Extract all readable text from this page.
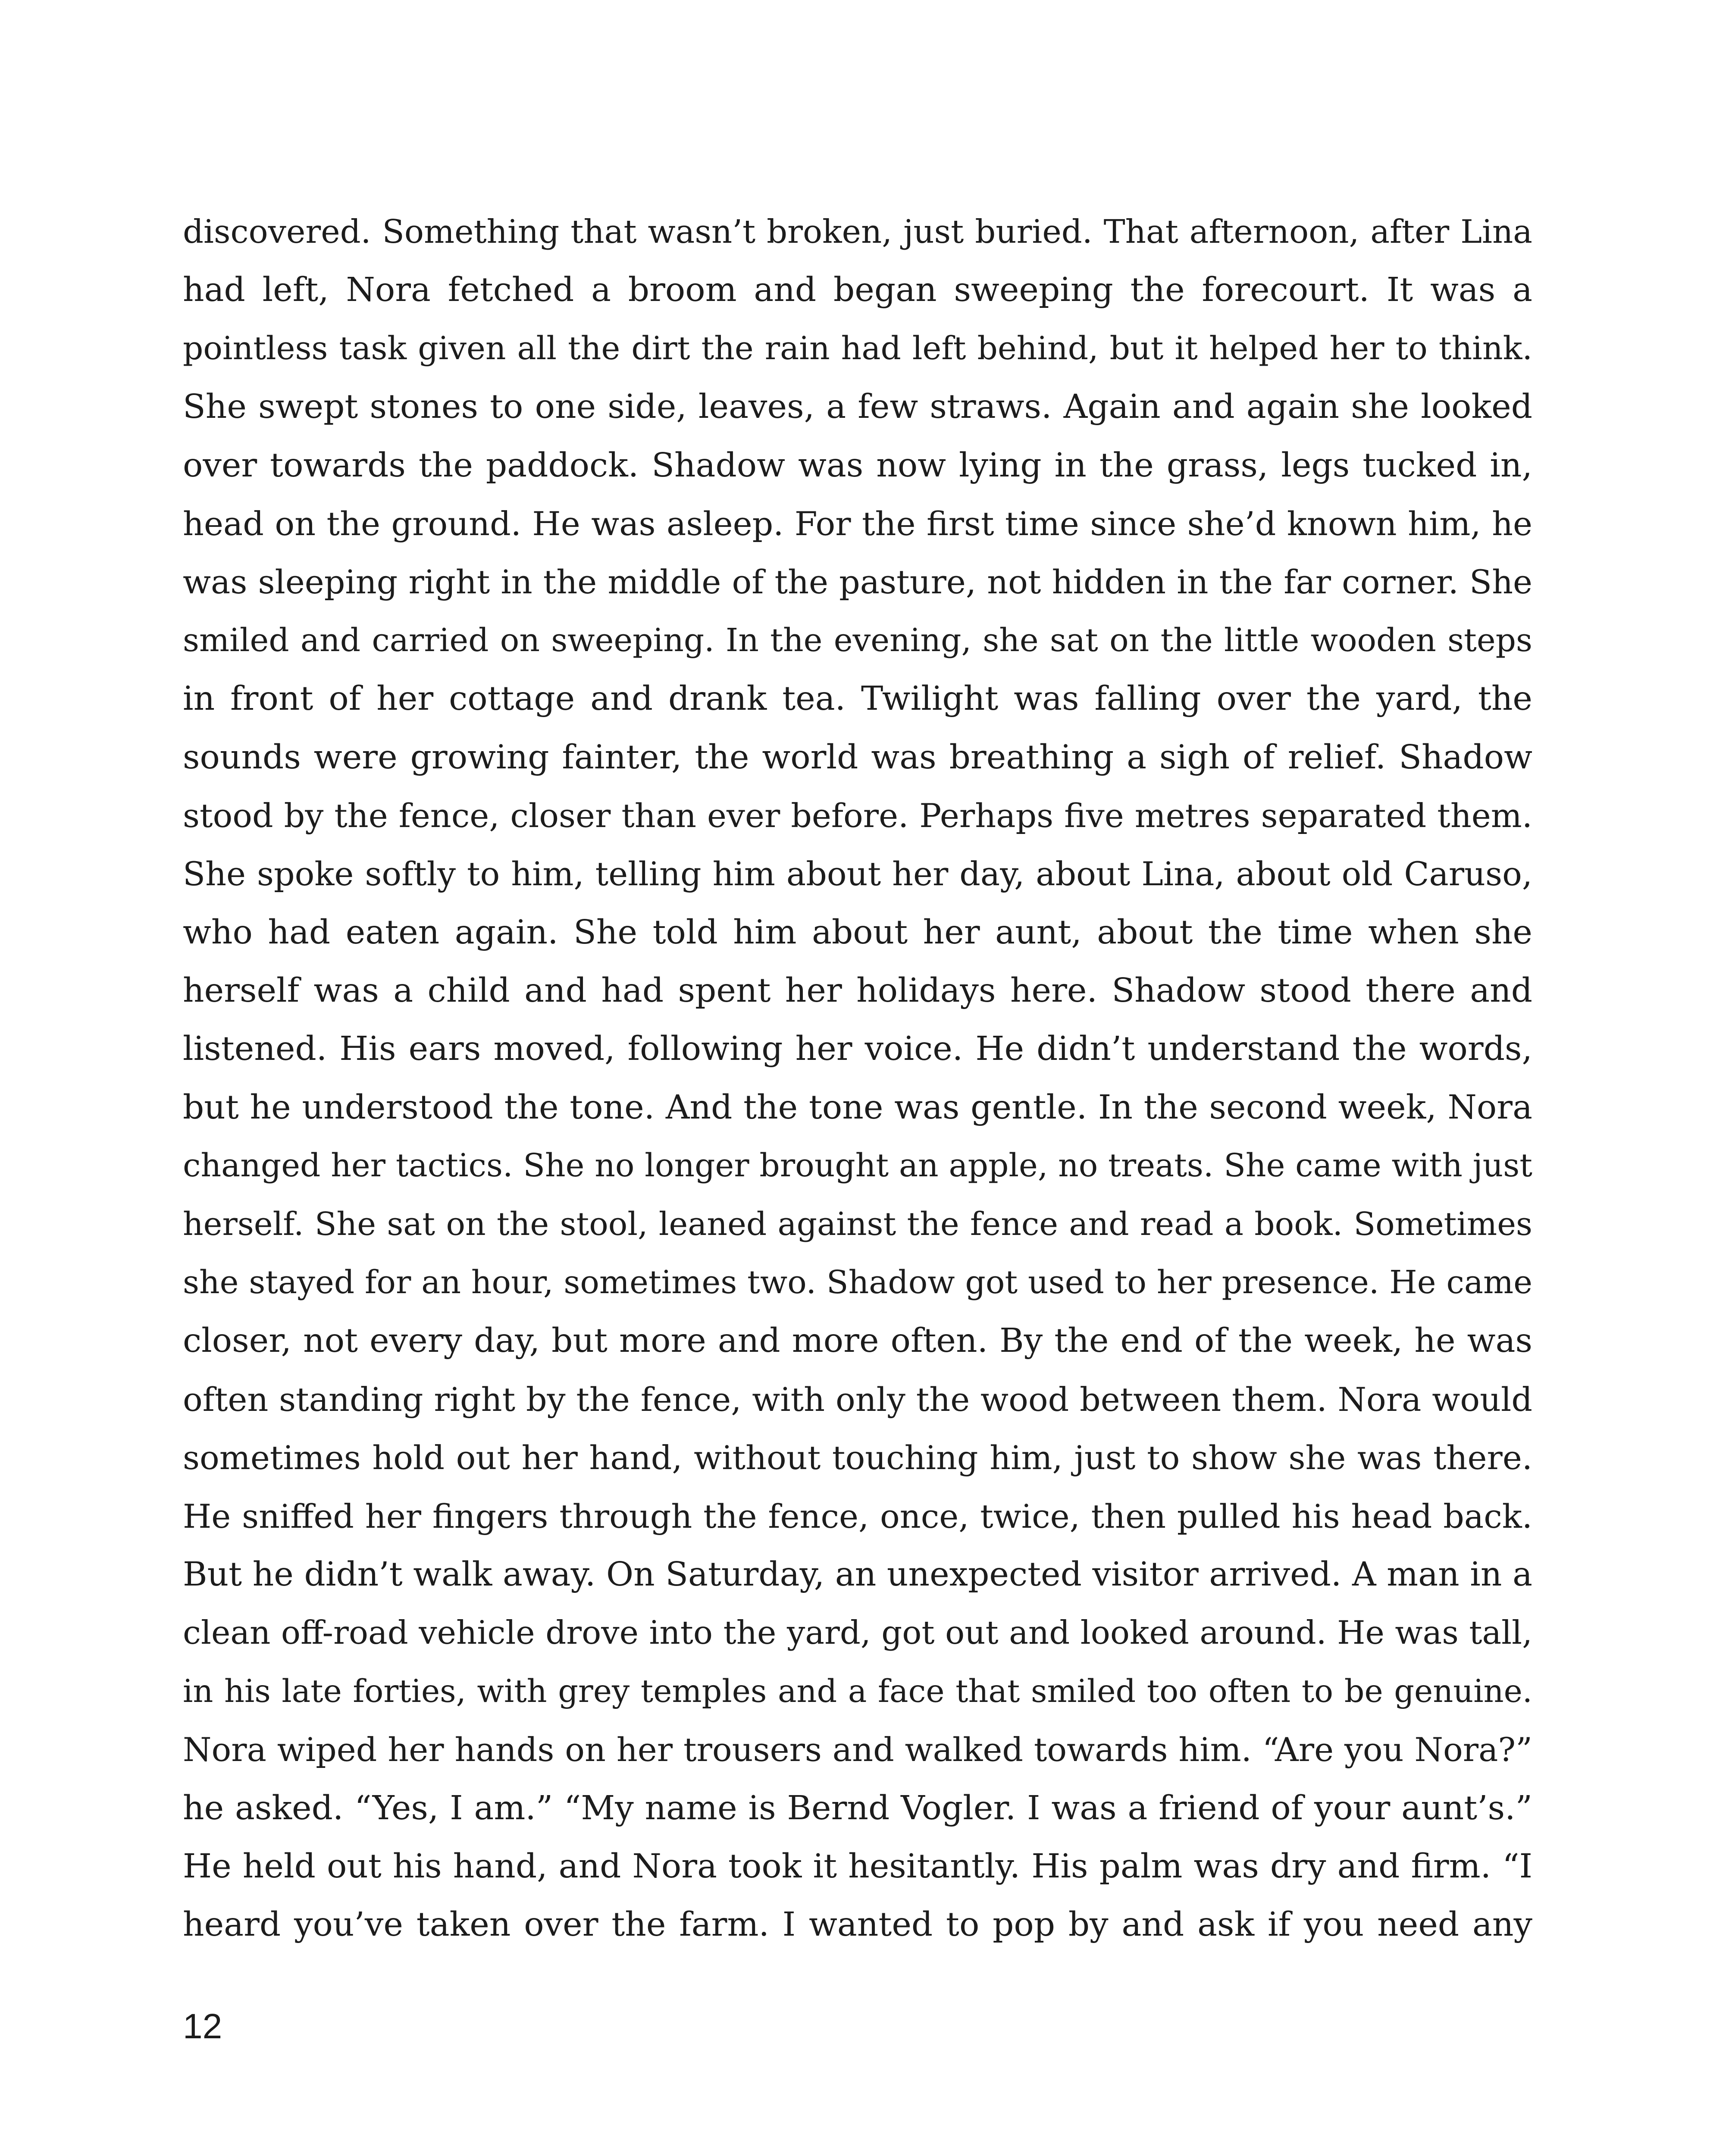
discovered. Something that wasn’t broken, just buried. That afternoon, after Lina
had left, Nora fetched a broom and began sweeping the forecourt. It was a
pointless task given all the dirt the rain had left behind, but it helped her to think.
She swept stones to one side, leaves, a few straws. Again and again she looked
over towards the paddock. Shadow was now lying in the grass, legs tucked in,
head on the ground. He was asleep. For the first time since she’d known him, he
was sleeping right in the middle of the pasture, not hidden in the far corner. She
smiled and carried on sweeping. In the evening, she sat on the little wooden steps
in front of her cottage and drank tea. Twilight was falling over the yard, the
sounds were growing fainter, the world was breathing a sigh of relief. Shadow
stood by the fence, closer than ever before. Perhaps five metres separated them.
She spoke softly to him, telling him about her day, about Lina, about old Caruso,
who had eaten again. She told him about her aunt, about the time when she
herself was a child and had spent her holidays here. Shadow stood there and
listened. His ears moved, following her voice. He didn’t understand the words,
but he understood the tone. And the tone was gentle. In the second week, Nora
changed her tactics. She no longer brought an apple, no treats. She came with just
herself. She sat on the stool, leaned against the fence and read a book. Sometimes
she stayed for an hour, sometimes two. Shadow got used to her presence. He came
closer, not every day, but more and more often. By the end of the week, he was
often standing right by the fence, with only the wood between them. Nora would
sometimes hold out her hand, without touching him, just to show she was there.
He sniffed her fingers through the fence, once, twice, then pulled his head back.
But he didn’t walk away. On Saturday, an unexpected visitor arrived. A man in a
clean off-road vehicle drove into the yard, got out and looked around. He was tall,
in his late forties, with grey temples and a face that smiled too often to be genuine.
Nora wiped her hands on her trousers and walked towards him. “Are you Nora?”
he asked. “Yes, I am.” “My name is Bernd Vogler. I was a friend of your aunt’s.”
He held out his hand, and Nora took it hesitantly. His palm was dry and firm. “I
heard you’ve taken over the farm. I wanted to pop by and ask if you need any
12
